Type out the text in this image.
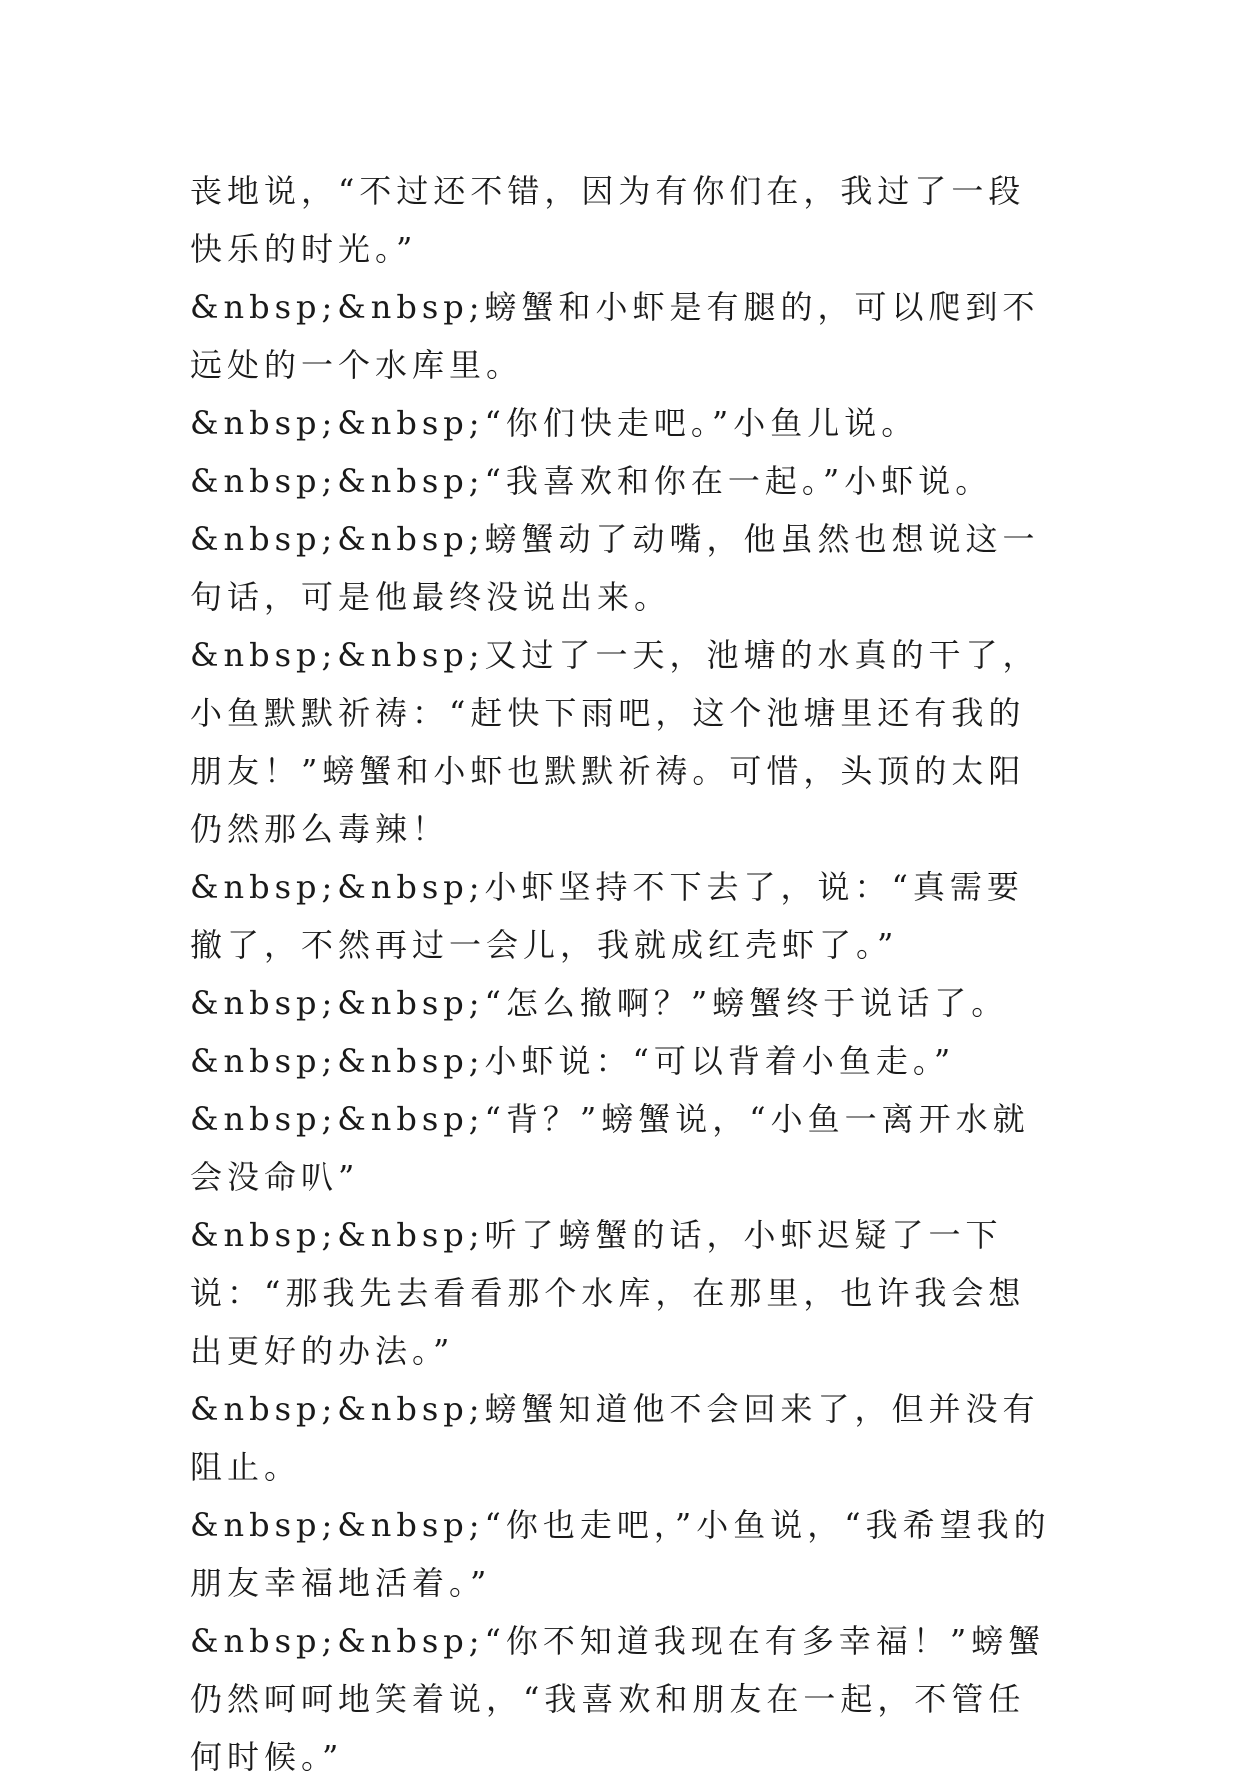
丧地说，“不过还不错，因为有你们在，我过了一段快乐的时光。”

&nbsp;&nbsp;螃蟹和小虾是有腿的，可以爬到不远处的一个水库里。

&nbsp;&nbsp;“你们快走吧。”小鱼儿说。

&nbsp;&nbsp;“我喜欢和你在一起。”小虾说。

&nbsp;&nbsp;螃蟹动了动嘴，他虽然也想说这一句话，可是他最终没说出来。

&nbsp;&nbsp;又过了一天，池塘的水真的干了，小鱼默默祈祷：“赶快下雨吧，这个池塘里还有我的朋友！”螃蟹和小虾也默默祈祷。可惜，头顶的太阳仍然那么毒辣！

&nbsp;&nbsp;小虾坚持不下去了，说：“真需要撤了，不然再过一会儿，我就成红壳虾了。”

&nbsp;&nbsp;“怎么撤啊？”螃蟹终于说话了。

&nbsp;&nbsp;小虾说：“可以背着小鱼走。”

&nbsp;&nbsp;“背？”螃蟹说，“小鱼一离开水就会没命叭”

&nbsp;&nbsp;听了螃蟹的话，小虾迟疑了一下说：“那我先去看看那个水库，在那里，也许我会想出更好的办法。”

&nbsp;&nbsp;螃蟹知道他不会回来了，但并没有阻止。

&nbsp;&nbsp;“你也走吧，”小鱼说，“我希望我的朋友幸福地活着。”

&nbsp;&nbsp;“你不知道我现在有多幸福！”螃蟹仍然呵呵地笑着说，“我喜欢和朋友在一起，不管任何时候。”
